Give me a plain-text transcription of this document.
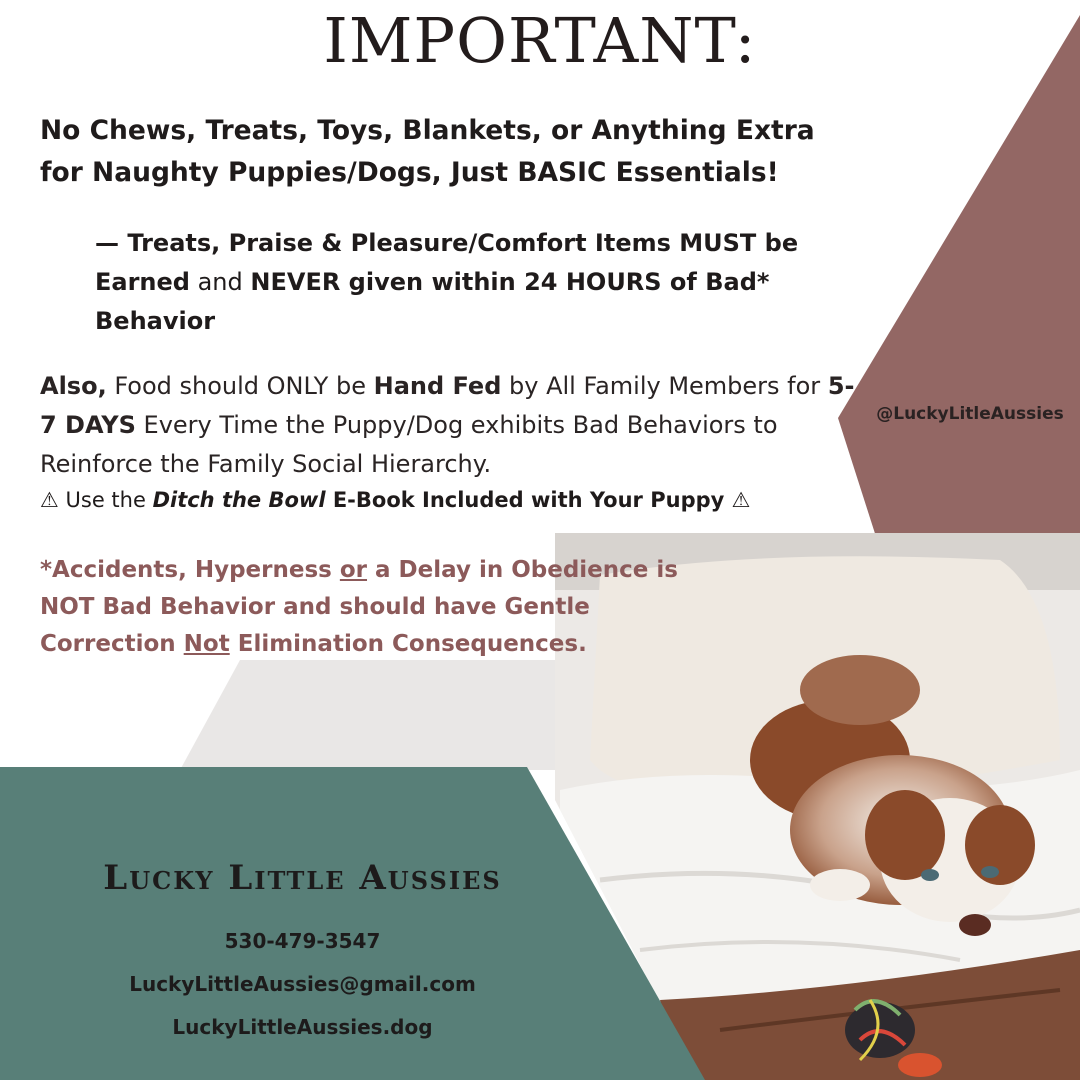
IMPORTANT:
No Chews, Treats, Toys, Blankets, or Anything Extra
for Naughty Puppies/Dogs, Just BASIC Essentials!
— Treats, Praise & Pleasure/Comfort Items MUST be Earned and NEVER given within 24 HOURS of Bad* Behavior
Also, Food should ONLY be Hand Fed by All Family Members for 5-7 DAYS Every Time the Puppy/Dog exhibits Bad Behaviors to Reinforce the Family Social Hierarchy.
⚠ Use the Ditch the Bowl E-Book Included with Your Puppy ⚠
*Accidents, Hyperness or a Delay in Obedience is NOT Bad Behavior and should have Gentle Correction Not Elimination Consequences.
@LuckyLitleAussies
Lucky Little Aussies
530-479-3547
LuckyLittleAussies@gmail.com
LuckyLittleAussies.dog
